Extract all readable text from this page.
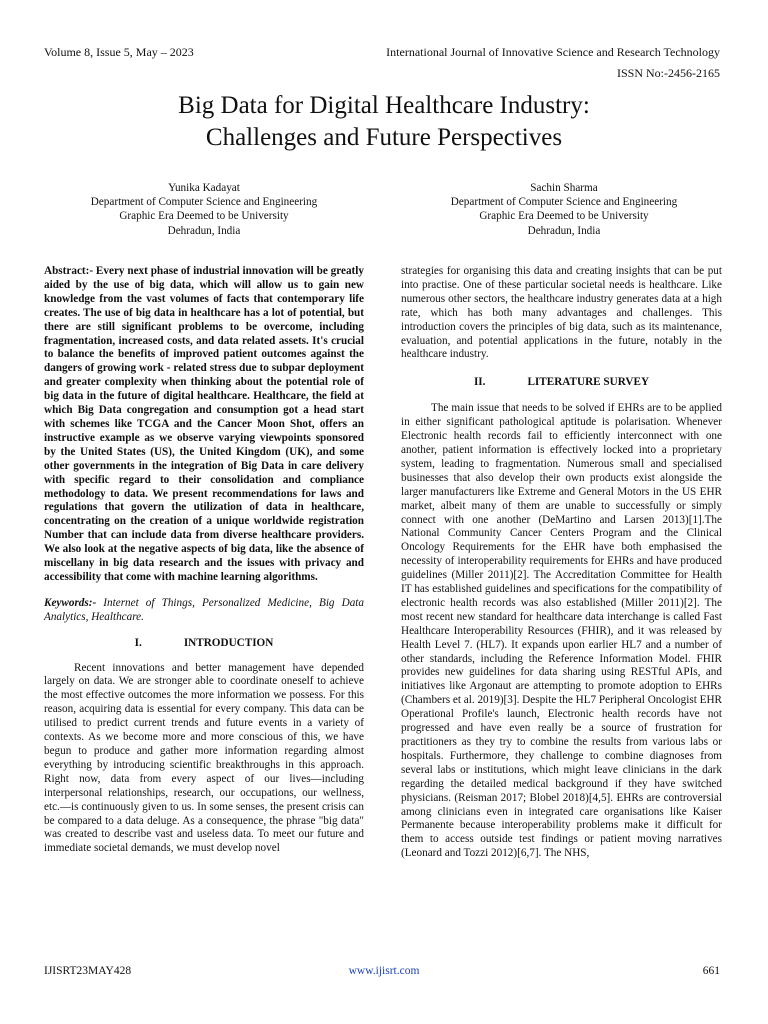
Volume 8, Issue 5, May – 2023	International Journal of Innovative Science and Research Technology
ISSN No:-2456-2165
Big Data for Digital Healthcare Industry:
Challenges and Future Perspectives
Yunika Kadayat
Department of Computer Science and Engineering
Graphic Era Deemed to be University
Dehradun, India
Sachin Sharma
Department of Computer Science and Engineering
Graphic Era Deemed to be University
Dehradun, India

Abstract:- Every next phase of industrial innovation will be greatly aided by the use of big data, which will allow us to gain new knowledge from the vast volumes of facts that contemporary life creates. The use of big data in healthcare has a lot of potential, but there are still significant problems to be overcome, including fragmentation, increased costs, and data related assets. It's crucial to balance the benefits of improved patient outcomes against the dangers of growing work - related stress due to subpar deployment and greater complexity when thinking about the potential role of big data in the future of digital healthcare. Healthcare, the field at which Big Data congregation and consumption got a head start with schemes like TCGA and the Cancer Moon Shot, offers an instructive example as we observe varying viewpoints sponsored by the United States (US), the United Kingdom (UK), and some other governments in the integration of Big Data in care delivery with specific regard to their consolidation and compliance methodology to data. We present recommendations for laws and regulations that govern the utilization of data in healthcare, concentrating on the creation of a unique worldwide registration Number that can include data from diverse healthcare providers. We also look at the negative aspects of big data, like the absence of miscellany in big data research and the issues with privacy and accessibility that come with machine learning algorithms.

Keywords:- Internet of Things, Personalized Medicine, Big Data Analytics, Healthcare.

I.	INTRODUCTION

Recent innovations and better management have depended largely on data. We are stronger able to coordinate oneself to achieve the most effective outcomes the more information we possess. For this reason, acquiring data is essential for every company. This data can be utilised to predict current trends and future events in a variety of contexts. As we become more and more conscious of this, we have begun to produce and gather more information regarding almost everything by introducing scientific breakthroughs in this approach. Right now, data from every aspect of our lives—including interpersonal relationships, research, our occupations, our wellness, etc.—is continuously given to us. In some senses, the present crisis can be compared to a data deluge. As a consequence, the phrase "big data" was created to describe vast and useless data. To meet our future and immediate societal demands, we must develop novel

strategies for organising this data and creating insights that can be put into practise. One of these particular societal needs is healthcare. Like numerous other sectors, the healthcare industry generates data at a high rate, which has both many advantages and challenges. This introduction covers the principles of big data, such as its maintenance, evaluation, and potential applications in the future, notably in the healthcare industry.

II.	LITERATURE SURVEY

The main issue that needs to be solved if EHRs are to be applied in either significant pathological aptitude is polarisation. Whenever Electronic health records fail to efficiently interconnect with one another, patient information is effectively locked into a proprietary system, leading to fragmentation. Numerous small and specialised businesses that also develop their own products exist alongside the larger manufacturers like Extreme and General Motors in the US EHR market, albeit many of them are unable to successfully or simply connect with one another (DeMartino and Larsen 2013)[1].The National Community Cancer Centers Program and the Clinical Oncology Requirements for the EHR have both emphasised the necessity of interoperability requirements for EHRs and have produced guidelines (Miller 2011)[2]. The Accreditation Committee for Health IT has established guidelines and specifications for the compatibility of electronic health records was also established (Miller 2011)[2]. The most recent new standard for healthcare data interchange is called Fast Healthcare Interoperability Resources (FHIR), and it was released by Health Level 7. (HL7). It expands upon earlier HL7 and a number of other standards, including the Reference Information Model. FHIR provides new guidelines for data sharing using RESTful APIs, and initiatives like Argonaut are attempting to promote adoption to EHRs (Chambers et al. 2019)[3]. Despite the HL7 Peripheral Oncologist EHR Operational Profile's launch, Electronic health records have not progressed and have even really be a source of frustration for practitioners as they try to combine the results from various labs or hospitals. Furthermore, they challenge to combine diagnoses from several labs or institutions, which might leave clinicians in the dark regarding the detailed medical background if they have switched physicians. (Reisman 2017; Blobel 2018)[4,5]. EHRs are controversial among clinicians even in integrated care organisations like Kaiser Permanente because interoperability problems make it difficult for them to access outside test findings or patient moving narratives (Leonard and Tozzi 2012)[6,7]. The NHS,

IJISRT23MAY428	www.ijisrt.com	661
